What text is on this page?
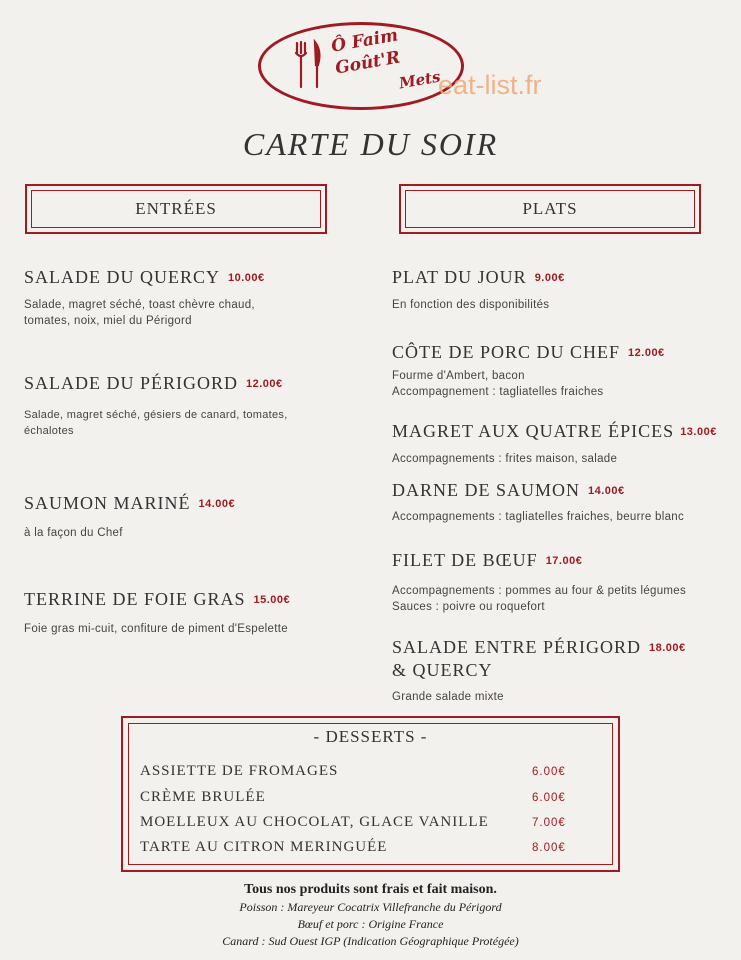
Ô Faim
Goût'R
Mets
eat-list.fr
CARTE DU SOIR
ENTRÉES	PLATS
SALADE DU QUERCY 10.00€
Salade, magret séché, toast chèvre chaud,
tomates, noix, miel du Périgord
SALADE DU PÉRIGORD 12.00€
Salade, magret séché, gésiers de canard, tomates,
échalotes
SAUMON MARINÉ 14.00€
à la façon du Chef
TERRINE DE FOIE GRAS 15.00€
Foie gras mi-cuit, confiture de piment d'Espelette
PLAT DU JOUR 9.00€
En fonction des disponibilités
CÔTE DE PORC DU CHEF 12.00€
Fourme d'Ambert, bacon
Accompagnement : tagliatelles fraiches
MAGRET AUX QUATRE ÉPICES 13.00€
Accompagnements : frites maison, salade
DARNE DE SAUMON 14.00€
Accompagnements : tagliatelles fraiches, beurre blanc
FILET DE BŒUF 17.00€
Accompagnements : pommes au four & petits légumes
Sauces : poivre ou roquefort
SALADE ENTRE PÉRIGORD 18.00€
& QUERCY
Grande salade mixte
- DESSERTS -
ASSIETTE DE FROMAGES	6.00€
CRÈME BRULÉE	6.00€
MOELLEUX AU CHOCOLAT, GLACE VANILLE	7.00€
TARTE AU CITRON MERINGUÉE	8.00€
Tous nos produits sont frais et fait maison.
Poisson : Mareyeur Cocatrix Villefranche du Périgord
Bœuf et porc : Origine France
Canard : Sud Ouest IGP (Indication Géographique Protégée)
